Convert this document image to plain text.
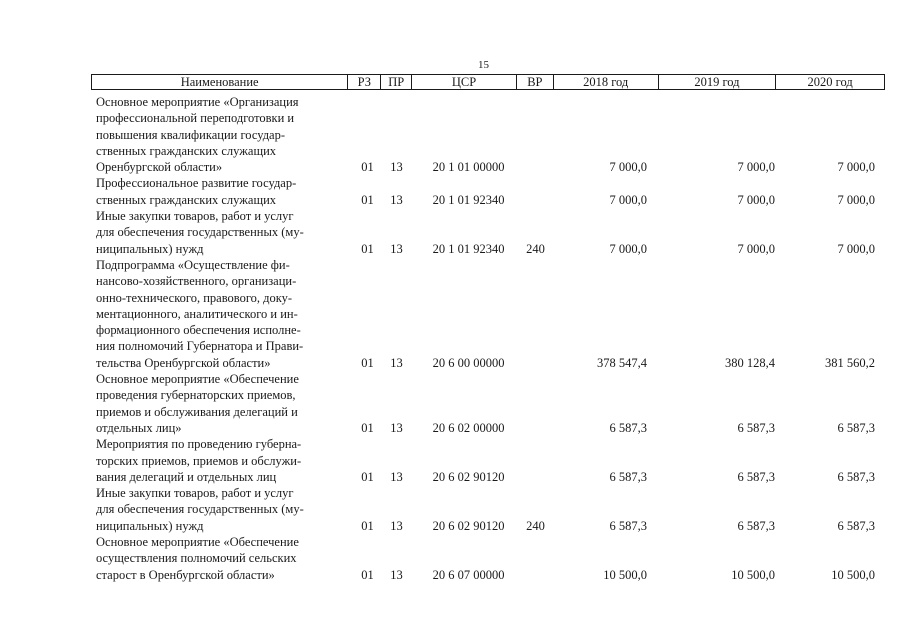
15
Наименование	РЗ	ПР	ЦСР	ВР	2018 год	2019 год	2020 год
Основное мероприятие «Организация
профессиональной переподготовки и
повышения квалификации государ-
ственных гражданских служащих
Оренбургской области»	01	13	20 1 01 00000	7 000,0	7 000,0	7 000,0
Профессиональное развитие государ-
ственных гражданских служащих	01	13	20 1 01 92340	7 000,0	7 000,0	7 000,0
Иные закупки товаров, работ и услуг
для обеспечения государственных (му-
ниципальных) нужд	01	13	20 1 01 92340	240	7 000,0	7 000,0	7 000,0
Подпрограмма «Осуществление фи-
нансово-хозяйственного, организаци-
онно-технического, правового, доку-
ментационного, аналитического и ин-
формационного обеспечения исполне-
ния полномочий Губернатора и Прави-
тельства Оренбургской области»	01	13	20 6 00 00000	378 547,4	380 128,4	381 560,2
Основное мероприятие «Обеспечение
проведения губернаторских приемов,
приемов и обслуживания делегаций и
отдельных лиц»	01	13	20 6 02 00000	6 587,3	6 587,3	6 587,3
Мероприятия по проведению губерна-
торских приемов, приемов и обслужи-
вания делегаций и отдельных лиц	01	13	20 6 02 90120	6 587,3	6 587,3	6 587,3
Иные закупки товаров, работ и услуг
для обеспечения государственных (му-
ниципальных) нужд	01	13	20 6 02 90120	240	6 587,3	6 587,3	6 587,3
Основное мероприятие «Обеспечение
осуществления полномочий сельских
старост в Оренбургской области»	01	13	20 6 07 00000	10 500,0	10 500,0	10 500,0
